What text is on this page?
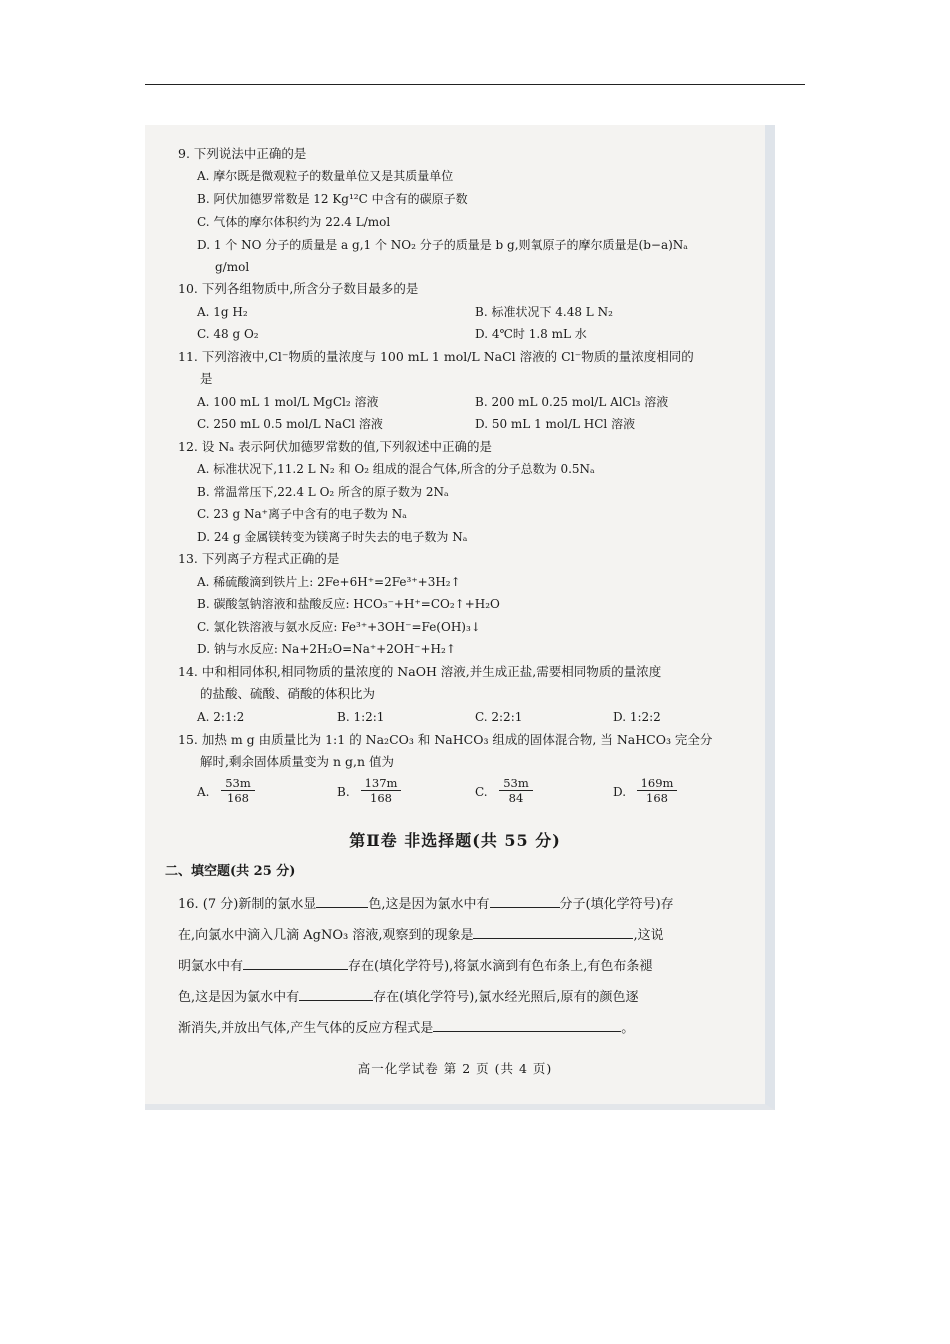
9. 下列说法中正确的是
A. 摩尔既是微观粒子的数量单位又是其质量单位
B. 阿伏加德罗常数是 12 Kg¹²C 中含有的碳原子数
C. 气体的摩尔体积约为 22.4 L/mol
D. 1 个 NO 分子的质量是 a g,1 个 NO₂ 分子的质量是 b g,则氧原子的摩尔质量是(b−a)Nₐ
g/mol
10. 下列各组物质中,所含分子数目最多的是
A. 1g H₂	B. 标准状况下 4.48 L N₂
C. 48 g O₂	D. 4℃时 1.8 mL 水
11. 下列溶液中,Cl⁻物质的量浓度与 100 mL 1 mol/L NaCl 溶液的 Cl⁻物质的量浓度相同的
是
A. 100 mL 1 mol/L MgCl₂ 溶液	B. 200 mL 0.25 mol/L AlCl₃ 溶液
C. 250 mL 0.5 mol/L NaCl 溶液	D. 50 mL 1 mol/L HCl 溶液
12. 设 Nₐ 表示阿伏加德罗常数的值,下列叙述中正确的是
A. 标准状况下,11.2 L N₂ 和 O₂ 组成的混合气体,所含的分子总数为 0.5Nₐ
B. 常温常压下,22.4 L O₂ 所含的原子数为 2Nₐ
C. 23 g Na⁺离子中含有的电子数为 Nₐ
D. 24 g 金属镁转变为镁离子时失去的电子数为 Nₐ
13. 下列离子方程式正确的是
A. 稀硫酸滴到铁片上: 2Fe+6H⁺=2Fe³⁺+3H₂↑
B. 碳酸氢钠溶液和盐酸反应: HCO₃⁻+H⁺=CO₂↑+H₂O
C. 氯化铁溶液与氨水反应: Fe³⁺+3OH⁻=Fe(OH)₃↓
D. 钠与水反应: Na+2H₂O=Na⁺+2OH⁻+H₂↑
14. 中和相同体积,相同物质的量浓度的 NaOH 溶液,并生成正盐,需要相同物质的量浓度
的盐酸、硫酸、硝酸的体积比为
A. 2:1:2	B. 1:2:1	C. 2:2:1	D. 1:2:2
15. 加热 m g 由质量比为 1:1 的 Na₂CO₃ 和 NaHCO₃ 组成的固体混合物, 当 NaHCO₃ 完全分
解时,剩余固体质量变为 n g,n 值为
A. $\frac{53m}{168}$	B. $\frac{137m}{168}$	C. $\frac{53m}{84}$	D. $\frac{169m}{168}$
第Ⅱ卷 非选择题(共 55 分)
二、填空题(共 25 分)
16. (7 分)新制的氯水显	色,这是因为氯水中有	分子(填化学符号)存
在,向氯水中滴入几滴 AgNO₃ 溶液,观察到的现象是	,这说
明氯水中有	存在(填化学符号),将氯水滴到有色布条上,有色布条褪
色,这是因为氯水中有	存在(填化学符号),氯水经光照后,原有的颜色逐
渐消失,并放出气体,产生气体的反应方程式是	。
高一化学试卷 第 2 页 (共 4 页)
